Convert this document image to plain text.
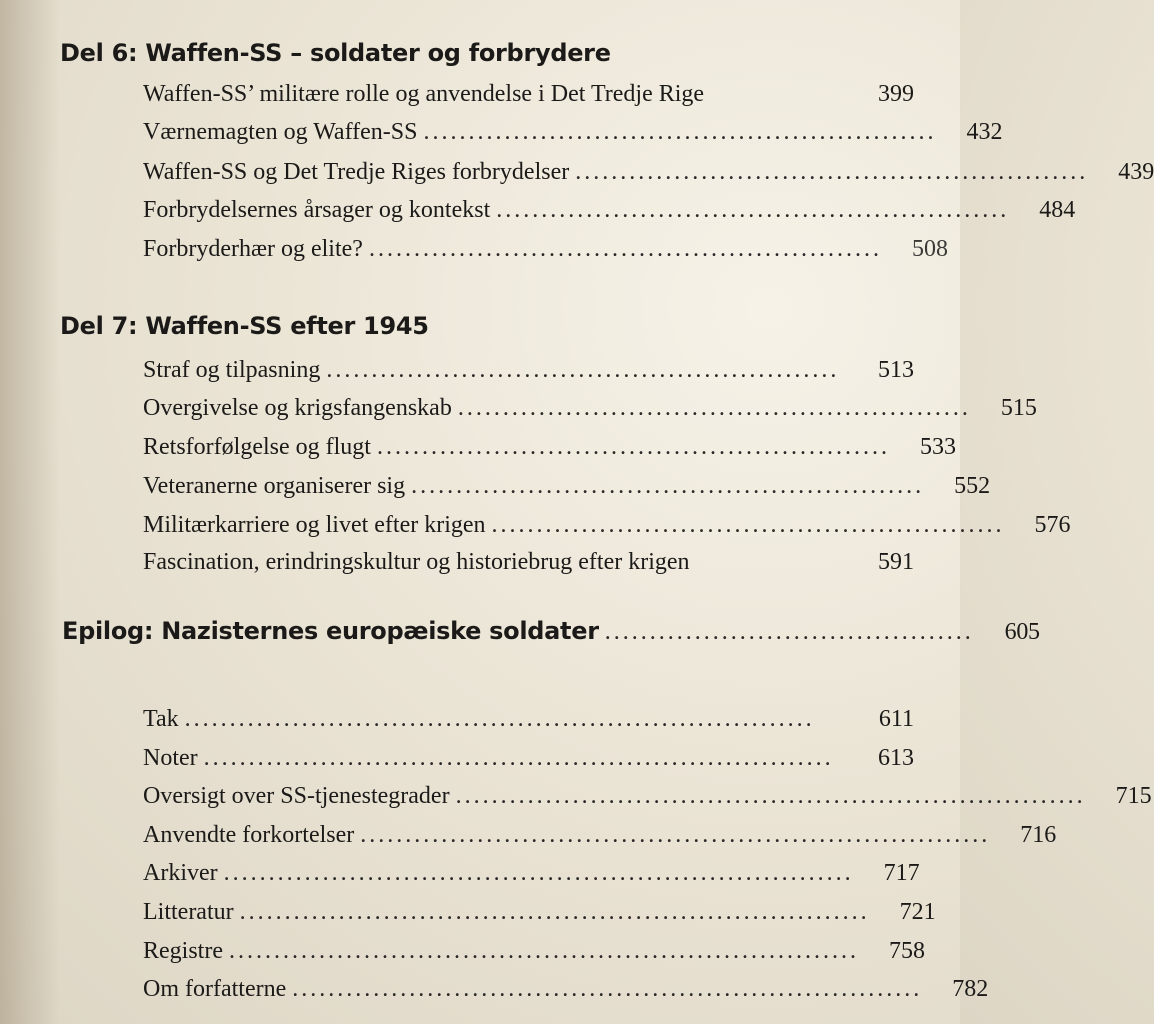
Del 6: Waffen-SS – soldater og forbrydere
Waffen-SS’ militære rolle og anvendelse i Det Tredje Rige	399
Værnemagten og Waffen-SS .........................................................	432
Waffen-SS og Det Tredje Riges forbrydelser .........................................................	439
Forbrydelsernes årsager og kontekst .........................................................	484
Forbryderhær og elite? .........................................................	508
Del 7: Waffen-SS efter 1945
Straf og tilpasning .........................................................	513
Overgivelse og krigsfangenskab .........................................................	515
Retsforfølgelse og flugt .........................................................	533
Veteranerne organiserer sig .........................................................	552
Militærkarriere og livet efter krigen .........................................................	576
Fascination, erindringskultur og historiebrug efter krigen	591
Epilog: Nazisternes europæiske soldater .........................................	605
Tak ......................................................................	611
Noter ......................................................................	613
Oversigt over SS-tjenestegrader ......................................................................	715
Anvendte forkortelser ......................................................................	716
Arkiver ......................................................................	717
Litteratur ......................................................................	721
Registre ......................................................................	758
Om forfatterne ......................................................................	782
